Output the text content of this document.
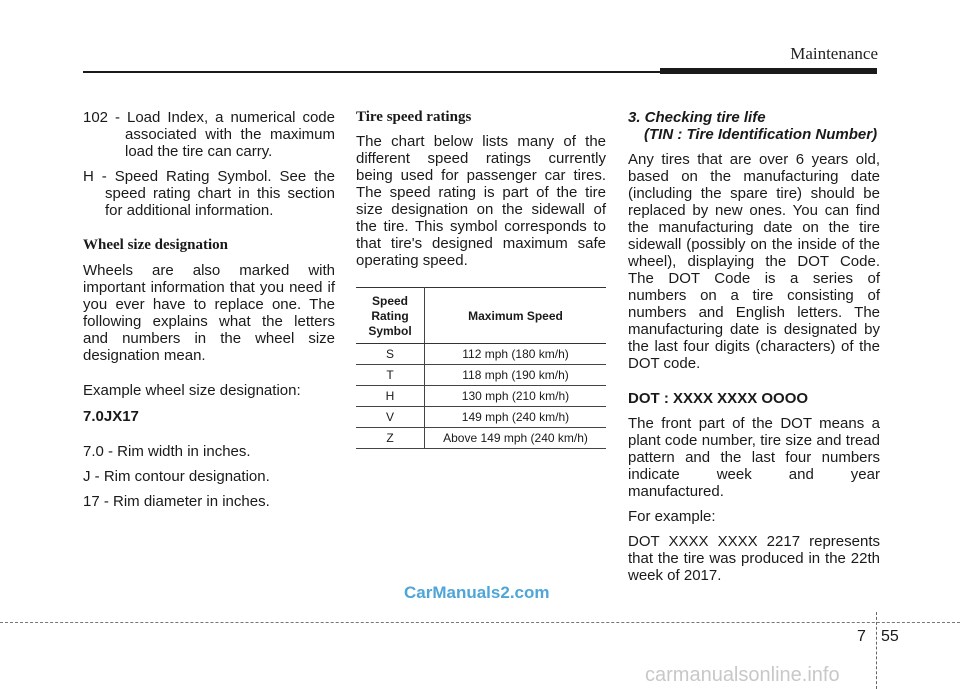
Maintenance

102 - Load Index, a numerical code associated with the maximum load the tire can carry.

H - Speed Rating Symbol. See the speed rating chart in this section for additional information.

Wheel size designation

Wheels are also marked with important information that you need if you ever have to replace one. The following explains what the letters and numbers in the wheel size designation mean.

Example wheel size designation:

7.0JX17

7.0 - Rim width in inches.

J - Rim contour designation.

17 - Rim diameter in inches.

Tire speed ratings

The chart below lists many of the different speed ratings currently being used for passenger car tires. The speed rating is part of the tire size designation on the sidewall of the tire. This symbol corresponds to that tire's designed maximum safe operating speed.

Speed Rating Symbol	Maximum Speed
S	112 mph (180 km/h)
T	118 mph (190 km/h)
H	130 mph (210 km/h)
V	149 mph (240 km/h)
Z	Above 149 mph (240 km/h)

3. Checking tire life

(TIN : Tire Identification Number)

Any tires that are over 6 years old, based on the manufacturing date (including the spare tire) should be replaced by new ones. You can find the manufacturing date on the tire sidewall (possibly on the inside of the wheel), displaying the DOT Code. The DOT Code is a series of numbers on a tire consisting of numbers and English letters. The manufacturing date is designated by the last four digits (characters) of the DOT code.

DOT : XXXX XXXX OOOO

The front part of the DOT means a plant code number, tire size and tread pattern and the last four numbers indicate week and year manufactured.

For example:

DOT XXXX XXXX 2217 represents that the tire was produced in the 22th week of 2017.

CarManuals2.com
7 55
carmanualsonline.info
